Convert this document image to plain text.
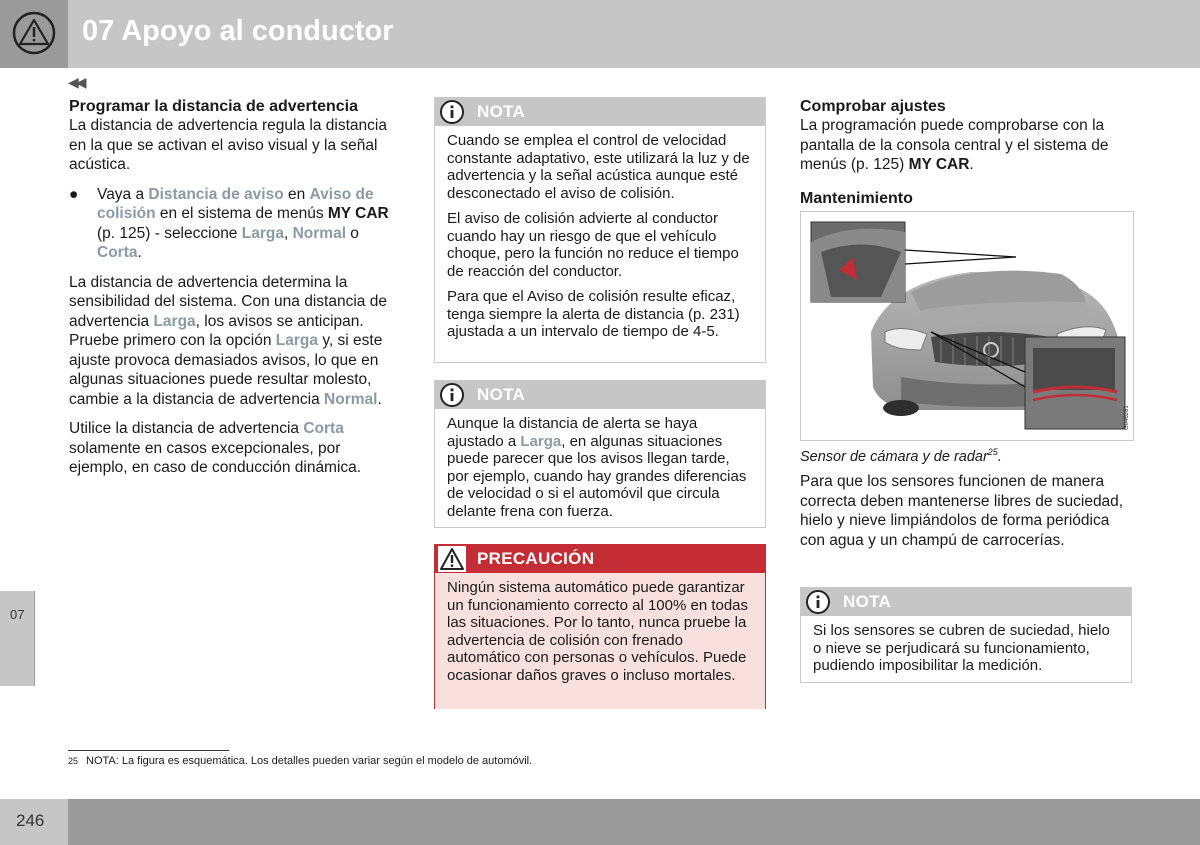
07 Apoyo al conductor
◀◀
07
Programar la distancia de advertencia

La distancia de advertencia regula la distancia en la que se activan el aviso visual y la señal acústica.

● Vaya a Distancia de aviso en Aviso de colisión en el sistema de menús MY CAR (p. 125) - seleccione Larga, Normal o Corta.

La distancia de advertencia determina la sensibilidad del sistema. Con una distancia de advertencia Larga, los avisos se anticipan. Pruebe primero con la opción Larga y, si este ajuste provoca demasiados avisos, lo que en algunas situaciones puede resultar molesto, cambie a la distancia de advertencia Normal.

Utilice la distancia de advertencia Corta solamente en casos excepcionales, por ejemplo, en caso de conducción dinámica.

NOTA

Cuando se emplea el control de velocidad constante adaptativo, este utilizará la luz y de advertencia y la señal acústica aunque esté desconectado el aviso de colisión.

El aviso de colisión advierte al conductor cuando hay un riesgo de que el vehículo choque, pero la función no reduce el tiempo de reacción del conductor.

Para que el Aviso de colisión resulte eficaz, tenga siempre la alerta de distancia (p. 231) ajustada a un intervalo de tiempo de 4-5.

NOTA

Aunque la distancia de alerta se haya ajustado a Larga, en algunas situaciones puede parecer que los avisos llegan tarde, por ejemplo, cuando hay grandes diferencias de velocidad o si el automóvil que circula delante frena con fuerza.

PRECAUCIÓN

Ningún sistema automático puede garantizar un funcionamiento correcto al 100% en todas las situaciones. Por lo tanto, nunca pruebe la advertencia de colisión con frenado automático con personas o vehículos. Puede ocasionar daños graves o incluso mortales.

Comprobar ajustes

La programación puede comprobarse con la pantalla de la consola central y el sistema de menús (p. 125) MY CAR.

Mantenimiento
G046281
Sensor de cámara y de radar$^{25}$.

Para que los sensores funcionen de manera correcta deben mantenerse libres de suciedad, hielo y nieve limpiándolos de forma periódica con agua y un champú de carrocerías.

NOTA

Si los sensores se cubren de suciedad, hielo o nieve se perjudicará su funcionamiento, pudiendo imposibilitar la medición.

25 NOTA: La figura es esquemática. Los detalles pueden variar según el modelo de automóvil.
246
